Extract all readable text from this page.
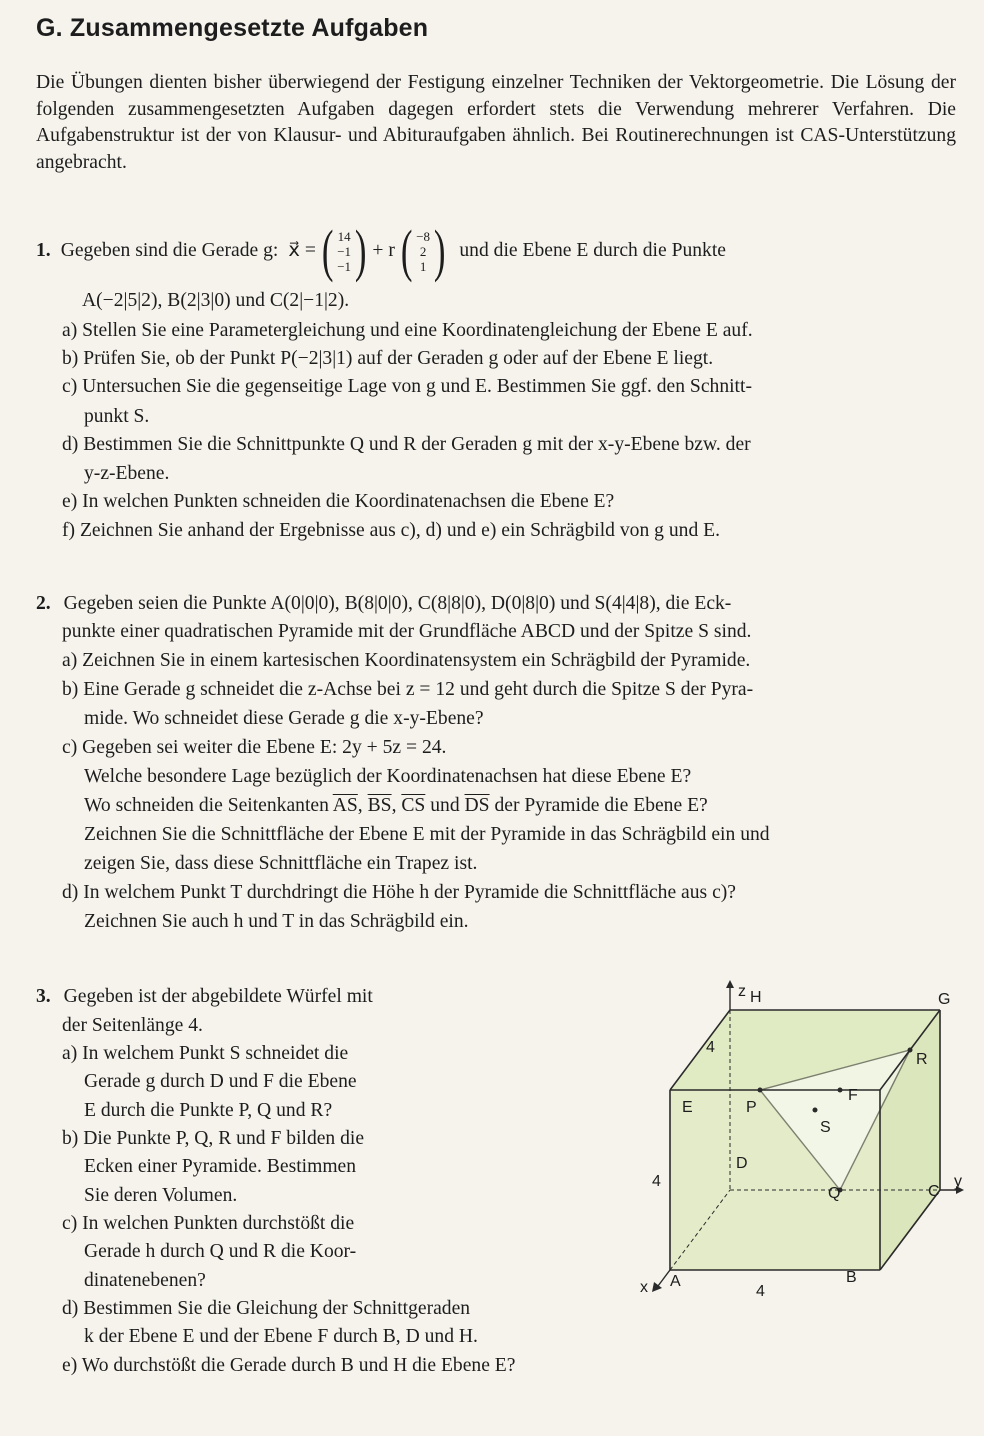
G. Zusammengesetzte Aufgaben
Die Übungen dienten bisher überwiegend der Festigung einzelner Techniken der Vektorgeometrie. Die Lösung der folgenden zusammengesetzten Aufgaben dagegen erfordert stets die Verwendung mehrerer Verfahren. Die Aufgabenstruktur ist der von Klausur- und Abituraufgaben ähnlich. Bei Routinerechnungen ist CAS-Unterstützung angebracht.
1. Gegeben sind die Gerade g: x⃗ = ( 14
−1
−1 ) + r ( −8
2
1 ) und die Ebene E durch die Punkte
A(−2|5|2), B(2|3|0) und C(2|−1|2).
a) Stellen Sie eine Parametergleichung und eine Koordinatengleichung der Ebene E auf.
b) Prüfen Sie, ob der Punkt P(−2|3|1) auf der Geraden g oder auf der Ebene E liegt.
c) Untersuchen Sie die gegenseitige Lage von g und E. Bestimmen Sie ggf. den Schnitt-
punkt S.
d) Bestimmen Sie die Schnittpunkte Q und R der Geraden g mit der x-y-Ebene bzw. der
y-z-Ebene.
e) In welchen Punkten schneiden die Koordinatenachsen die Ebene E?
f) Zeichnen Sie anhand der Ergebnisse aus c), d) und e) ein Schrägbild von g und E.
2. Gegeben seien die Punkte A(0|0|0), B(8|0|0), C(8|8|0), D(0|8|0) und S(4|4|8), die Eck-
punkte einer quadratischen Pyramide mit der Grundfläche ABCD und der Spitze S sind.
a) Zeichnen Sie in einem kartesischen Koordinatensystem ein Schrägbild der Pyramide.
b) Eine Gerade g schneidet die z-Achse bei z = 12 und geht durch die Spitze S der Pyra-
mide. Wo schneidet diese Gerade g die x-y-Ebene?
c) Gegeben sei weiter die Ebene E: 2y + 5z = 24.
Welche besondere Lage bezüglich der Koordinatenachsen hat diese Ebene E?
Wo schneiden die Seitenkanten $\overline{AS}$, $\overline{BS}$, $\overline{CS}$ und $\overline{DS}$ der Pyramide die Ebene E?
Zeichnen Sie die Schnittfläche der Ebene E mit der Pyramide in das Schrägbild ein und
zeigen Sie, dass diese Schnittfläche ein Trapez ist.
d) In welchem Punkt T durchdringt die Höhe h der Pyramide die Schnittfläche aus c)?
Zeichnen Sie auch h und T in das Schrägbild ein.
3. Gegeben ist der abgebildete Würfel mit
der Seitenlänge 4.
a) In welchem Punkt S schneidet die
Gerade g durch D und F die Ebene
E durch die Punkte P, Q und R?
b) Die Punkte P, Q, R und F bilden die
Ecken einer Pyramide. Bestimmen
Sie deren Volumen.
c) In welchen Punkten durchstößt die
Gerade h durch Q und R die Koor-
dinatenebenen?
d) Bestimmen Sie die Gleichung der Schnittgeraden
k der Ebene E und der Ebene F durch B, D und H.
e) Wo durchstößt die Gerade durch B und H die Ebene E?
z H	G
4
R
E	P
F
S
D
4
Q	C
y
x A
4
B
